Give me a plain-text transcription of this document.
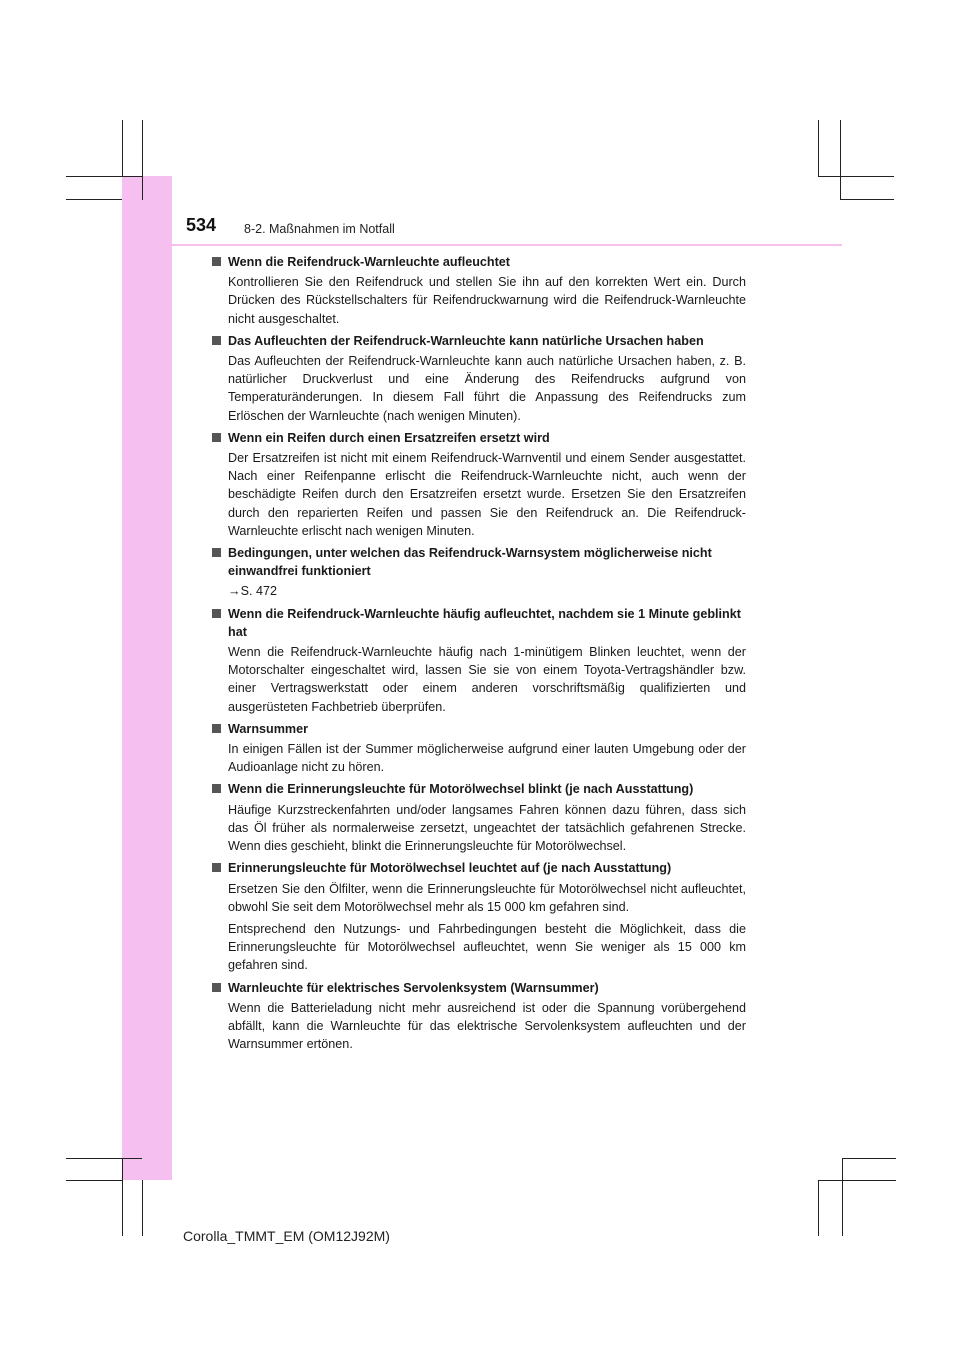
534 8-2. Maßnahmen im Notfall
Wenn die Reifendruck-Warnleuchte aufleuchtet
Kontrollieren Sie den Reifendruck und stellen Sie ihn auf den korrekten Wert ein. Durch Drücken des Rückstellschalters für Reifendruckwarnung wird die Reifendruck-Warnleuchte nicht ausgeschaltet.
Das Aufleuchten der Reifendruck-Warnleuchte kann natürliche Ursachen haben
Das Aufleuchten der Reifendruck-Warnleuchte kann auch natürliche Ursachen haben, z. B. natürlicher Druckverlust und eine Änderung des Reifendrucks aufgrund von Temperaturänderungen. In diesem Fall führt die Anpassung des Reifendrucks zum Erlöschen der Warnleuchte (nach wenigen Minuten).
Wenn ein Reifen durch einen Ersatzreifen ersetzt wird
Der Ersatzreifen ist nicht mit einem Reifendruck-Warnventil und einem Sender ausgestattet. Nach einer Reifenpanne erlischt die Reifendruck-Warnleuchte nicht, auch wenn der beschädigte Reifen durch den Ersatzreifen ersetzt wurde. Ersetzen Sie den Ersatzreifen durch den reparierten Reifen und passen Sie den Reifendruck an. Die Reifendruck-Warnleuchte erlischt nach wenigen Minuten.
Bedingungen, unter welchen das Reifendruck-Warnsystem möglicherweise nicht einwandfrei funktioniert
→S. 472
Wenn die Reifendruck-Warnleuchte häufig aufleuchtet, nachdem sie 1 Minute geblinkt hat
Wenn die Reifendruck-Warnleuchte häufig nach 1-minütigem Blinken leuchtet, wenn der Motorschalter eingeschaltet wird, lassen Sie sie von einem Toyota-Vertragshändler bzw. einer Vertragswerkstatt oder einem anderen vorschriftsmäßig qualifizierten und ausgerüsteten Fachbetrieb überprüfen.
Warnsummer
In einigen Fällen ist der Summer möglicherweise aufgrund einer lauten Umgebung oder der Audioanlage nicht zu hören.
Wenn die Erinnerungsleuchte für Motorölwechsel blinkt (je nach Ausstattung)
Häufige Kurzstreckenfahrten und/oder langsames Fahren können dazu führen, dass sich das Öl früher als normalerweise zersetzt, ungeachtet der tatsächlich gefahrenen Strecke. Wenn dies geschieht, blinkt die Erinnerungsleuchte für Motorölwechsel.
Erinnerungsleuchte für Motorölwechsel leuchtet auf (je nach Ausstattung)
Ersetzen Sie den Ölfilter, wenn die Erinnerungsleuchte für Motorölwechsel nicht aufleuchtet, obwohl Sie seit dem Motorölwechsel mehr als 15 000 km gefahren sind.
Entsprechend den Nutzungs- und Fahrbedingungen besteht die Möglichkeit, dass die Erinnerungsleuchte für Motorölwechsel aufleuchtet, wenn Sie weniger als 15 000 km gefahren sind.
Warnleuchte für elektrisches Servolenksystem (Warnsummer)
Wenn die Batterieladung nicht mehr ausreichend ist oder die Spannung vorübergehend abfällt, kann die Warnleuchte für das elektrische Servolenksystem aufleuchten und der Warnsummer ertönen.
Corolla_TMMT_EM (OM12J92M)
